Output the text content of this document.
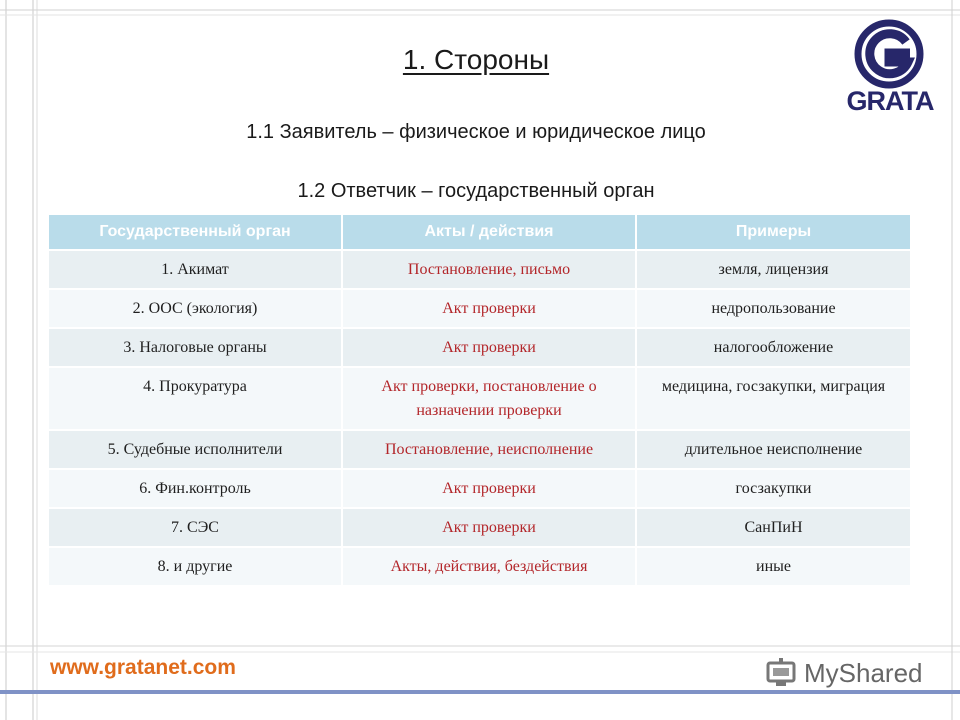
1. Стороны
1.1 Заявитель – физическое и юридическое лицо
1.2 Ответчик – государственный орган
GRATA
Государственный орган	Акты / действия	Примеры
1. Акимат	Постановление, письмо	земля, лицензия
2. ООС (экология)	Акт проверки	недропользование
3. Налоговые органы	Акт проверки	налогообложение
4. Прокуратура	Акт проверки, постановление о назначении проверки	медицина, госзакупки, миграция
5. Судебные исполнители	Постановление, неисполнение	длительное неисполнение
6. Фин.контроль	Акт проверки	госзакупки
7. СЭС	Акт проверки	СанПиН
8. и другие	Акты, действия, бездействия	иные
www.gratanet.com	MyShared
